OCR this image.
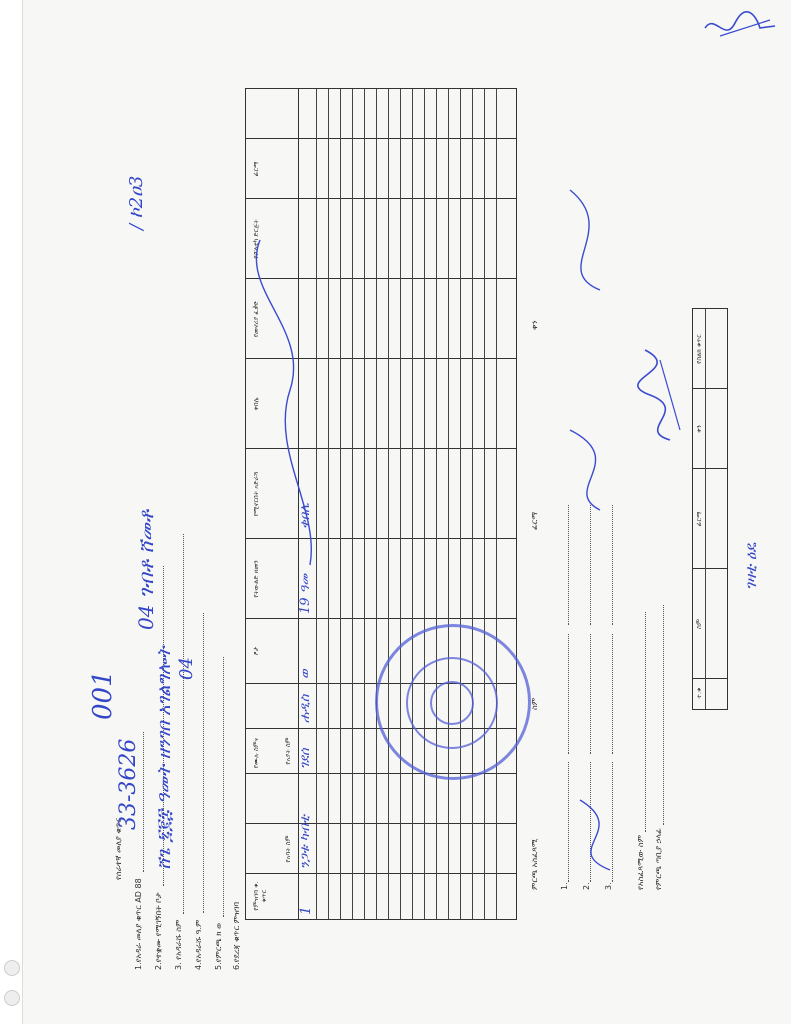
የሰራተኛ መለያ ቁጥር
001
1.የአዳራ መለያ ቁጥር AD 88
33-3626
2.የተቋሙ የሚገኝበት ቦታ
04 ገብቶ ሸመቶ
3. የአዳራሹ ስም
ሸጌ ፯፪፰ ዓመት ዘንገበ አገልግሎት
4.የአዳራሹ ዓ.ም
04
5.የምርጫ ክ ወ 6.የደረጃ ቁጥር ምዝገባ
/ ኮ2ዐ3
የምዝገባ ቁ. ቁጥር
የሙሉ ስምና
የአባት ስም
የአያት ስም
ፆታ
የትውልድ ዘመን
የሚኖርበት አድራሻ
ቀበሌ
የመኖሪያ ፈቃድ
የፖለቲካ ድርጅት
ፊርማ
1
ንጋቱ ካብቲ
ገደሰ
ሐዲስ
ወ
19 ዓመ
ቀበሌ
ምርጫ አስፈጻሚ
ስም
ፊርማ
ቀን
1. 2. 3.	የአስፈጻሚው ስም የምርጫ ጣቢያ ኃላፊ
ተ.ቁ
ስም
ፊርማ
ቀን
የስልክ ቁጥር
ገዛቲ ዕዴ
